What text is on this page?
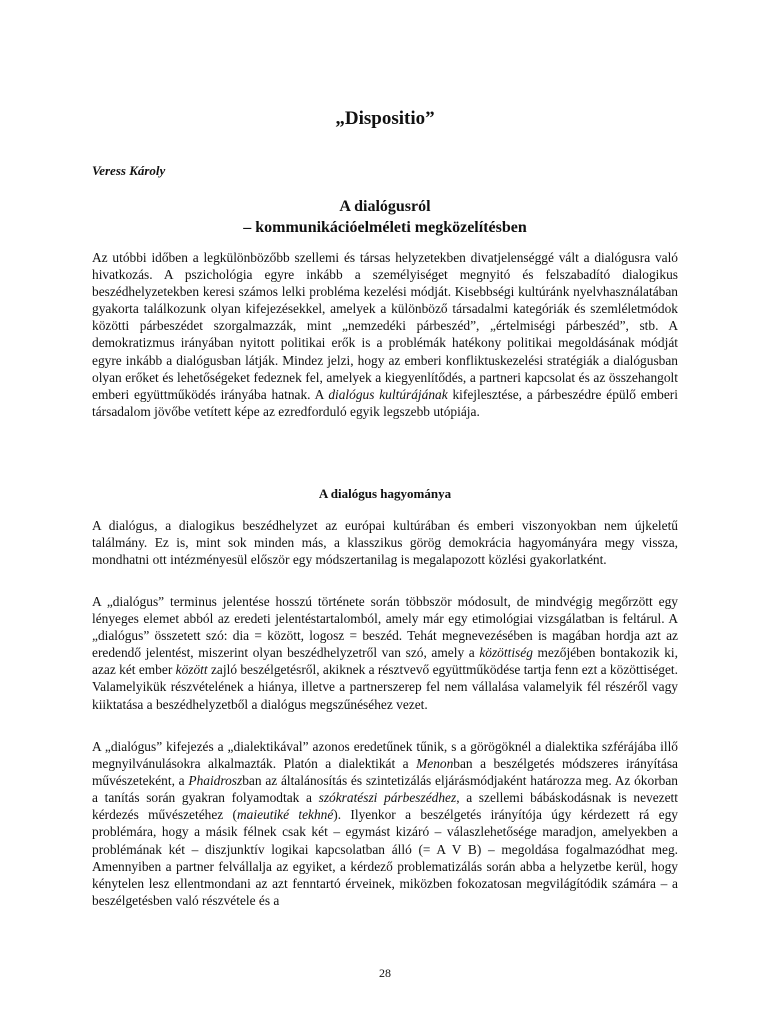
„Dispositio”

Veress Károly

A dialógusról
– kommunikációelméleti megközelítésben

Az utóbbi időben a legkülönbözőbb szellemi és társas helyzetekben divatjelenséggé vált a dialógusra való hivatkozás. A pszichológia egyre inkább a személyiséget megnyitó és felszabadító dialogikus beszédhelyzetekben keresi számos lelki probléma kezelési módját. Kisebbségi kultúránk nyelvhasználatában gyakorta találkozunk olyan kifejezésekkel, amelyek a különböző társadalmi kategóriák és szemléletmódok közötti párbeszédet szorgalmazzák, mint „nemzedéki párbeszéd”, „értelmiségi párbeszéd”, stb. A demokratizmus irányában nyitott politikai erők is a problémák hatékony politikai megoldásának módját egyre inkább a dialógusban látják. Mindez jelzi, hogy az emberi konfliktuskezelési stratégiák a dialógusban olyan erőket és lehetőségeket fedeznek fel, amelyek a kiegyenlítődés, a partneri kapcsolat és az összehangolt emberi együttműködés irányába hatnak. A dialógus kultúrájának kifejlesztése, a párbeszédre épülő emberi társadalom jövőbe vetített képe az ezredforduló egyik legszebb utópiája.

A dialógus hagyománya

A dialógus, a dialogikus beszédhelyzet az európai kultúrában és emberi viszonyokban nem újkeletű találmány. Ez is, mint sok minden más, a klasszikus görög demokrácia hagyományára megy vissza, mondhatni ott intézményesül először egy módszertanilag is megalapozott közlési gyakorlatként.

A „dialógus” terminus jelentése hosszú története során többször módosult, de mindvégig megőrzött egy lényeges elemet abból az eredeti jelentéstartalomból, amely már egy etimológiai vizsgálatban is feltárul. A „dialógus” összetett szó: dia = között, logosz = beszéd. Tehát megnevezésében is magában hordja azt az eredendő jelentést, miszerint olyan beszédhelyzetről van szó, amely a közöttiség mezőjében bontakozik ki, azaz két ember között zajló beszélgetésről, akiknek a résztvevő együttműködése tartja fenn ezt a közöttiséget. Valamelyikük részvételének a hiánya, illetve a partnerszerep fel nem vállalása valamelyik fél részéről vagy kiiktatása a beszédhelyzetből a dialógus megszűnéséhez vezet.

A „dialógus” kifejezés a „dialektikával” azonos eredetűnek tűnik, s a görögöknél a dialektika szférájába illő megnyilvánulásokra alkalmazták. Platón a dialektikát a Menonban a beszélgetés módszeres irányítása művészeteként, a Phaidroszban az általánosítás és szintetizálás eljárásmódjaként határozza meg. Az ókorban a tanítás során gyakran folyamodtak a szókratészi párbeszédhez, a szellemi bábáskodásnak is nevezett kérdezés művészetéhez (maieutiké tekhné). Ilyenkor a beszélgetés irányítója úgy kérdezett rá egy problémára, hogy a másik félnek csak két – egymást kizáró – válaszlehetősége maradjon, amelyekben a problémának két – diszjunktív logikai kapcsolatban álló (= A V B) – megoldása fogalmazódhat meg. Amennyiben a partner felvállalja az egyiket, a kérdező problematizálás során abba a helyzetbe kerül, hogy kénytelen lesz ellentmondani az azt fenntartó érveinek, miközben fokozatosan megvilágítódik számára – a beszélgetésben való részvétele és a

28
